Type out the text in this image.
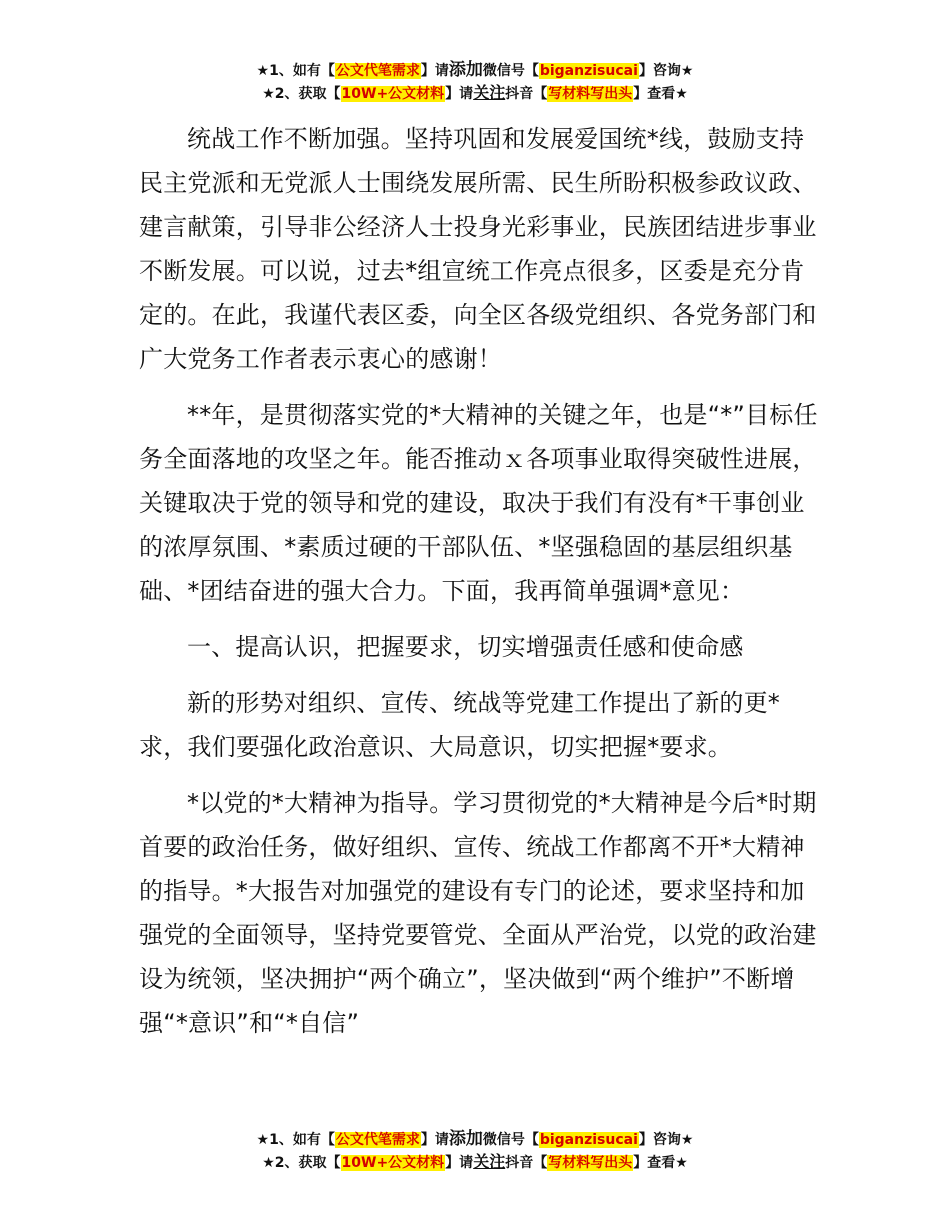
★1、如有【公文代笔需求】请添加微信号【biganzisucai】咨询★
★2、获取【10W+公文材料】请关注抖音【写材料写出头】查看★

统战工作不断加强。坚持巩固和发展爱国统*线，鼓励支持民主党派和无党派人士围绕发展所需、民生所盼积极参政议政、建言献策，引导非公经济人士投身光彩事业，民族团结进步事业不断发展。可以说，过去*组宣统工作亮点很多，区委是充分肯定的。在此，我谨代表区委，向全区各级党组织、各党务部门和广大党务工作者表示衷心的感谢！

**年，是贯彻落实党的*大精神的关键之年，也是“*”目标任务全面落地的攻坚之年。能否推动ｘ各项事业取得突破性进展，关键取决于党的领导和党的建设，取决于我们有没有*干事创业的浓厚氛围、*素质过硬的干部队伍、*坚强稳固的基层组织基础、*团结奋进的强大合力。下面，我再简单强调*意见：

一、提高认识，把握要求，切实增强责任感和使命感

新的形势对组织、宣传、统战等党建工作提出了新的更*求，我们要强化政治意识、大局意识，切实把握*要求。

*以党的*大精神为指导。学习贯彻党的*大精神是今后*时期首要的政治任务，做好组织、宣传、统战工作都离不开*大精神的指导。*大报告对加强党的建设有专门的论述，要求坚持和加强党的全面领导，坚持党要管党、全面从严治党，以党的政治建设为统领，坚决拥护“两个确立”，坚决做到“两个维护”不断增强“*意识”和“*自信”

★1、如有【公文代笔需求】请添加微信号【biganzisucai】咨询★
★2、获取【10W+公文材料】请关注抖音【写材料写出头】查看★
